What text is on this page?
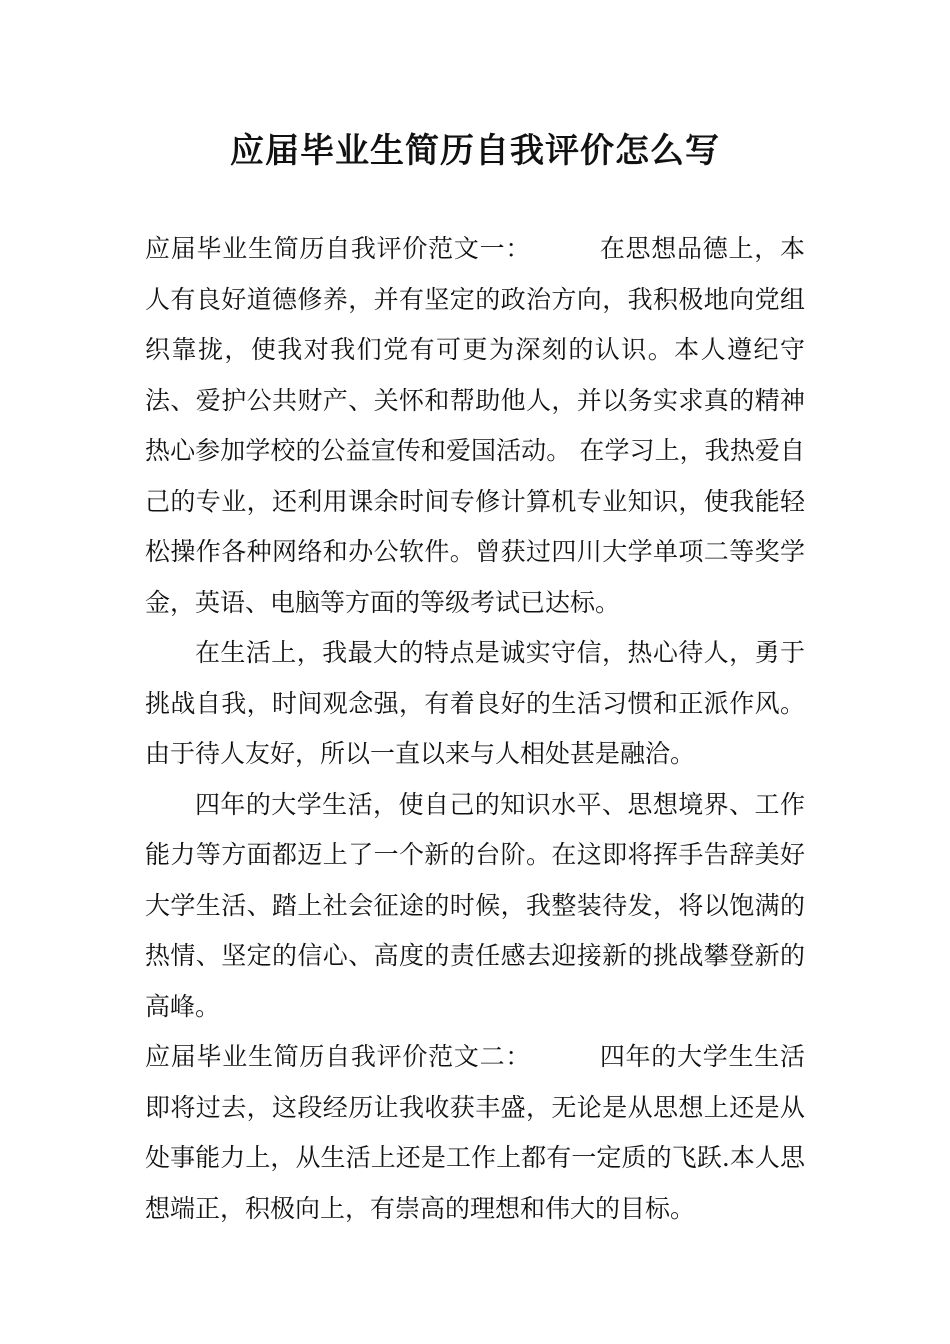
应届毕业生简历自我评价怎么写

应届毕业生简历自我评价范文一：	在思想品德上，本人有良好道德修养，并有坚定的政治方向，我积极地向党组织靠拢，使我对我们党有可更为深刻的认识。本人遵纪守法、爱护公共财产、关怀和帮助他人，并以务实求真的精神热心参加学校的公益宣传和爱国活动。 在学习上，我热爱自己的专业，还利用课余时间专修计算机专业知识，使我能轻松操作各种网络和办公软件。曾获过四川大学单项二等奖学金，英语、电脑等方面的等级考试已达标。

在生活上，我最大的特点是诚实守信，热心待人，勇于挑战自我，时间观念强，有着良好的生活习惯和正派作风。由于待人友好，所以一直以来与人相处甚是融洽。

四年的大学生活，使自己的知识水平、思想境界、工作能力等方面都迈上了一个新的台阶。在这即将挥手告辞美好大学生活、踏上社会征途的时候，我整装待发，将以饱满的热情、坚定的信心、高度的责任感去迎接新的挑战攀登新的高峰。

应届毕业生简历自我评价范文二：	四年的大学生生活即将过去，这段经历让我收获丰盛，无论是从思想上还是从处事能力上，从生活上还是工作上都有一定质的飞跃.本人思想端正，积极向上，有崇高的理想和伟大的目标。
